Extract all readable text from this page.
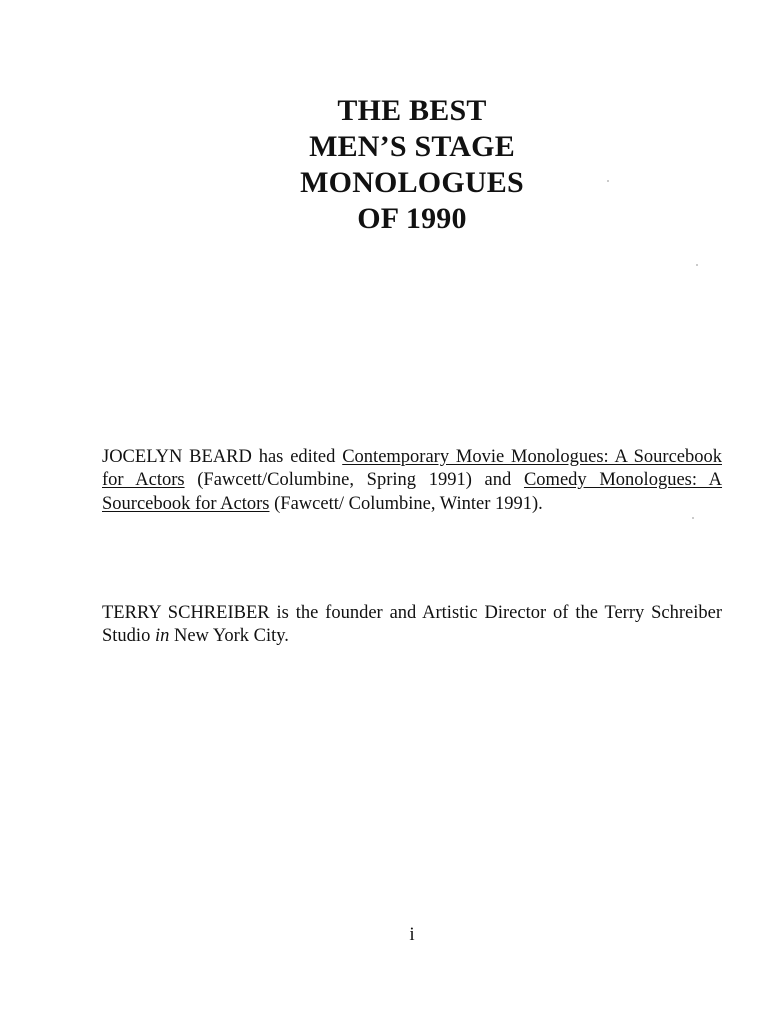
THE BEST
MEN’S STAGE
MONOLOGUES
OF 1990

JOCELYN BEARD has edited Contemporary Movie Monologues: A Sourcebook for Actors (Fawcett/Columbine, Spring 1991) and Comedy Monologues: A Sourcebook for Actors (Fawcett/ Columbine, Winter 1991).

TERRY SCHREIBER is the founder and Artistic Director of the Terry Schreiber Studio in New York City.

i
